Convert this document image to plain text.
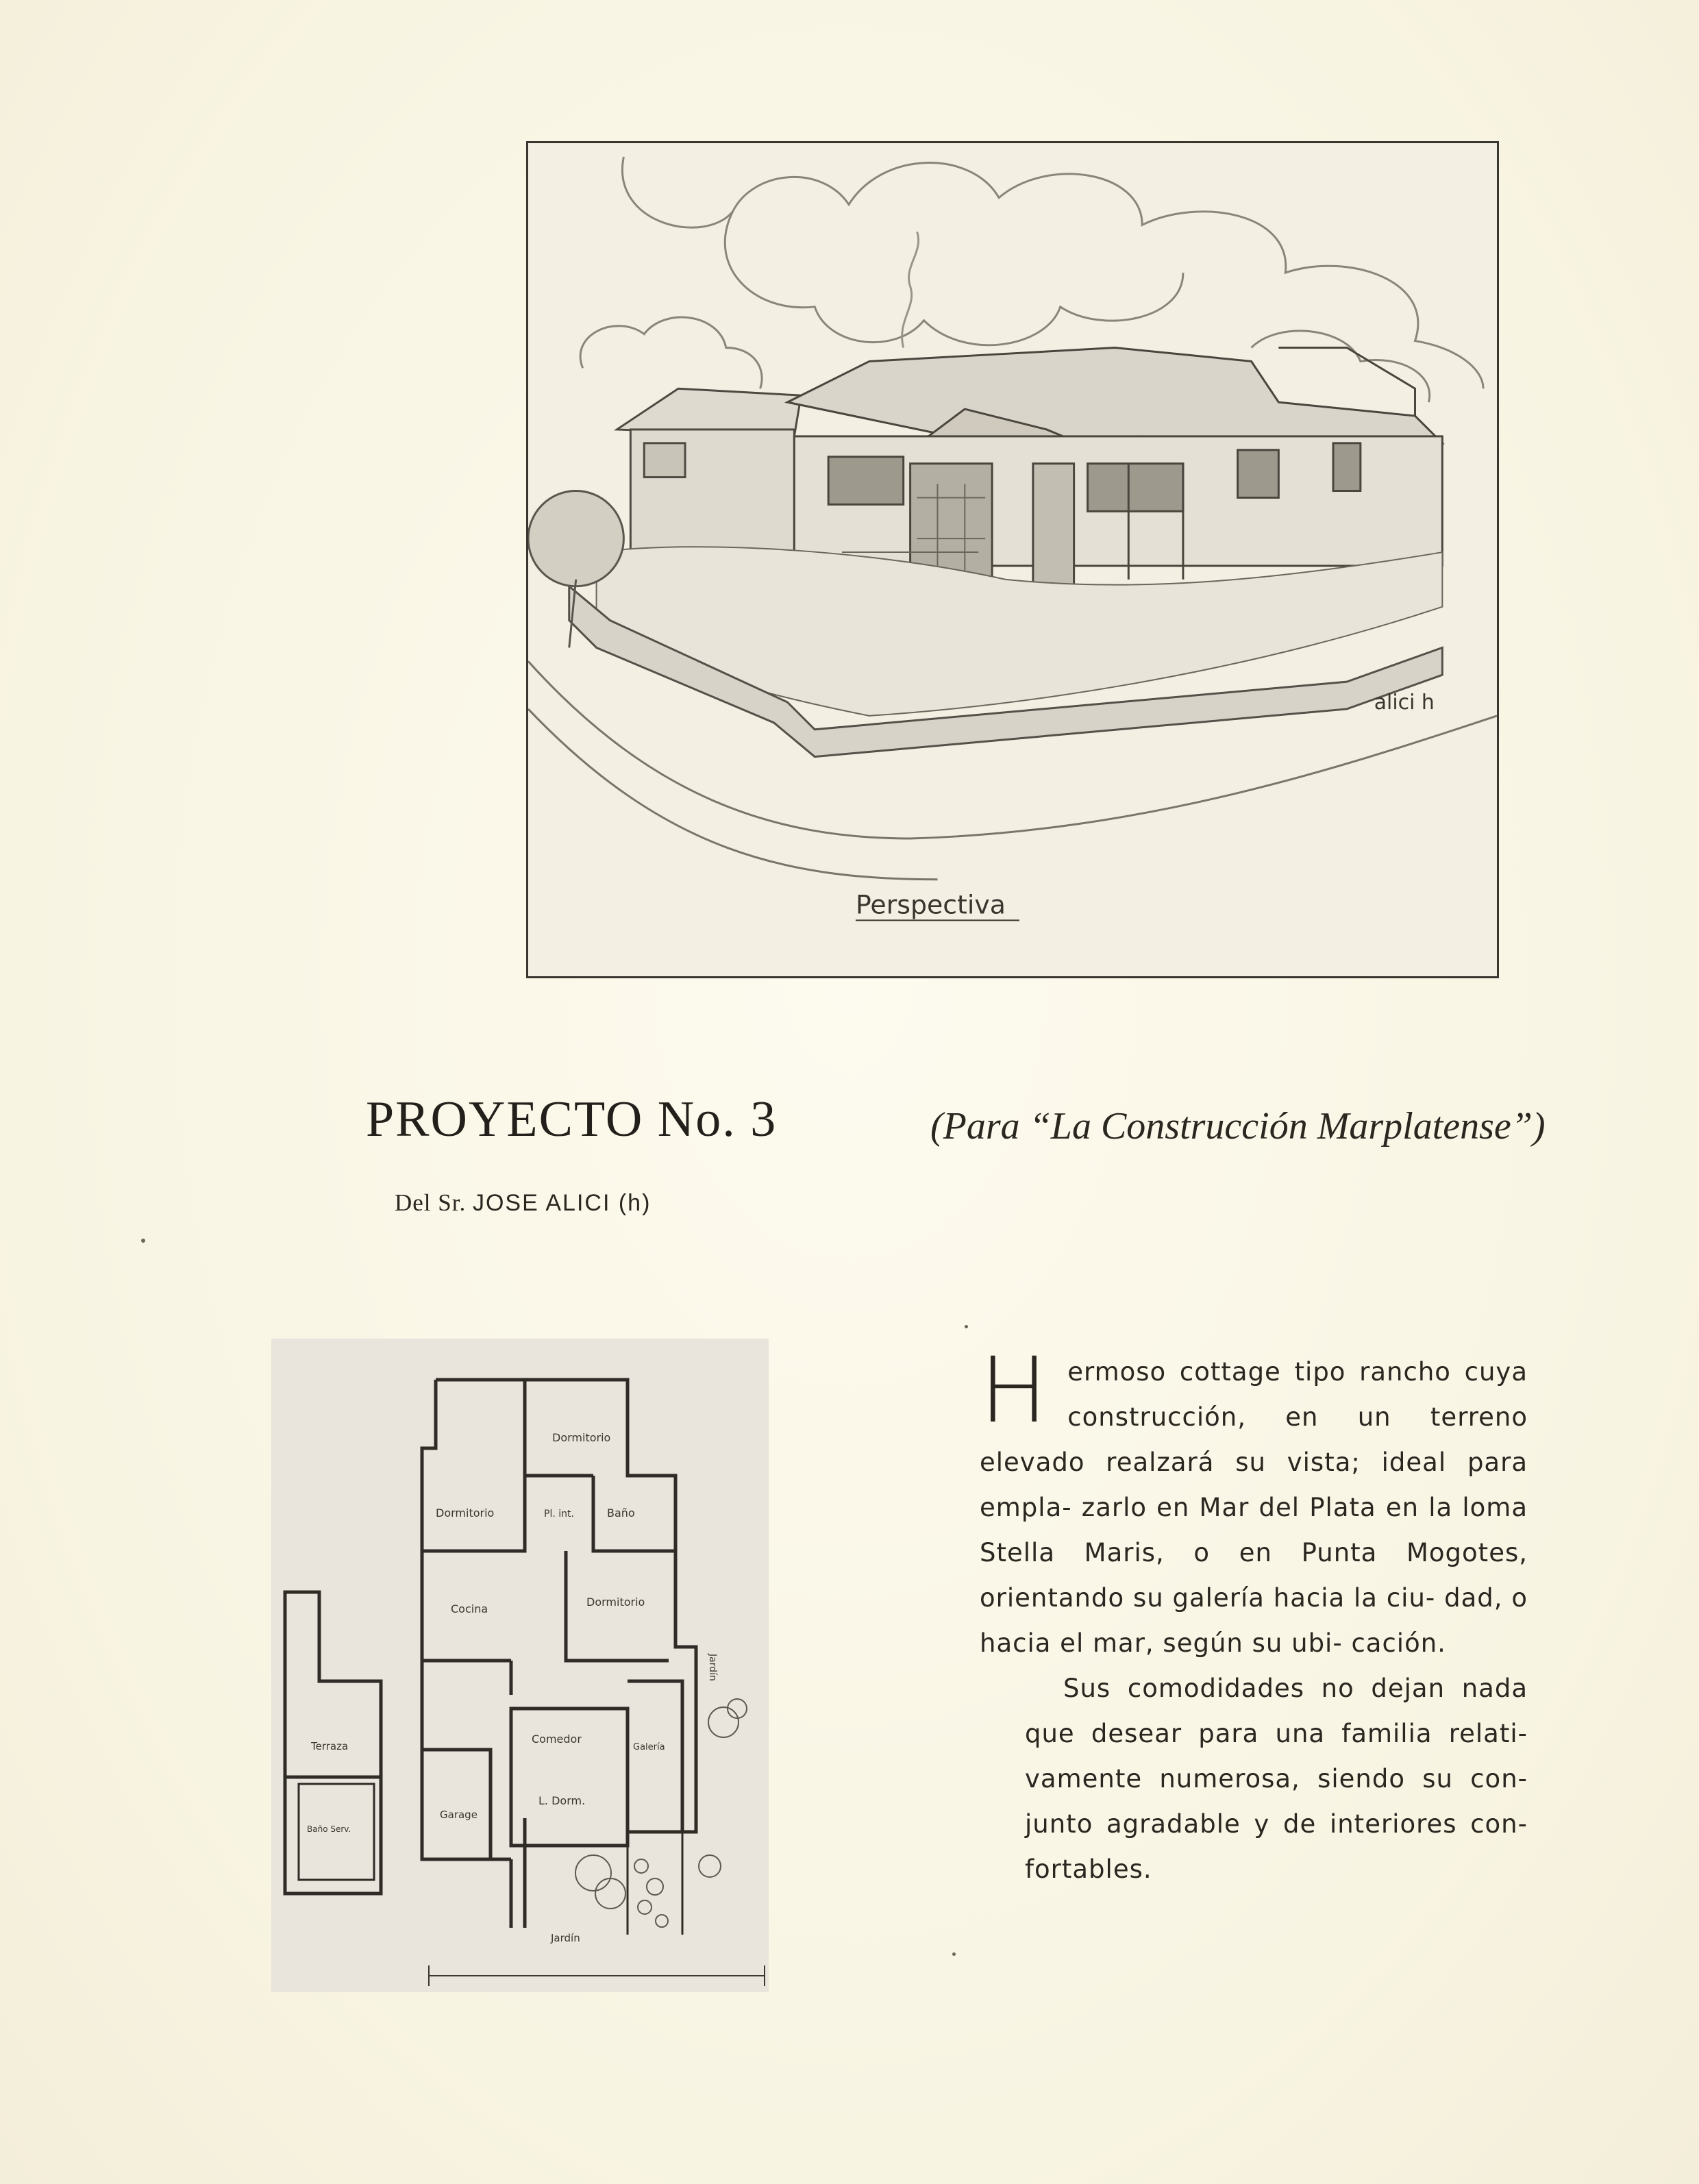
Perspectiva
alici h
PROYECTO No. 3	(Para “La Construcción Marplatense”)
Del Sr. JOSE ALICI (h)
Dormitorio
Dormitorio	Pl. int.	Baño
Cocina
Dormitorio
Comedor
Galería
L. Dorm.
Garage
Terraza
Baño Serv.
Jardín
Jardín

Hermoso cottage tipo rancho cuya construcción, en un terreno elevado realzará su vista; ideal para empla- zarlo en Mar del Plata en la loma Stella Maris, o en Punta Mogotes, orientando su galería hacia la ciu- dad, o hacia el mar, según su ubi- cación.

Sus comodidades no dejan nada que desear para una familia relati- vamente numerosa, siendo su con- junto agradable y de interiores con- fortables.
